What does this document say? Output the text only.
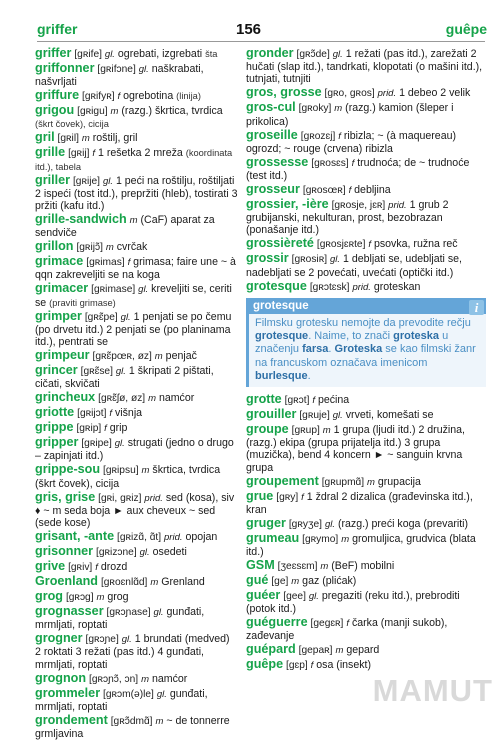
griffer	156	guêpe
griffer [gʀife] gl. ogrebati, izgrebati šta
griffonner [gʀifɔne] gl. naškrabati, našvrljati
griffure [gʀifyʀ] f ogrebotina (linija)
grigou [gʀigu] m (razg.) škrtica, tvrdica (škrt čovek), cicija
gril [gʀil] m roštilj, gril
grille [gʀij] f 1 rešetka 2 mreža (koordinata itd.), tabela
griller [gʀije] gl. 1 peći na roštilju, roštiljati 2 ispeći (tost itd.), prepržiti (hleb), tostirati 3 pržiti (kafu itd.)
grille-sandwich m (CaF) aparat za sendviče
grillon [gʀijɔ̃] m cvrčak
grimace [gʀimas] f grimasa; faire une ~ à qqn zakreveljiti se na koga
grimacer [gʀimase] gl. kreveljiti se, ceriti se (praviti grimase)
grimper [gʀɛ̃pe] gl. 1 penjati se po čemu (po drvetu itd.) 2 penjati se (po planinama itd.), pentrati se
grimpeur [gʀɛ̃pœʀ, øz] m penjač
grincer [gʀɛ̃se] gl. 1 škripati 2 pištati, cičati, skvičati
grincheux [gʀɛ̃ʃø, øz] m namćor
griotte [gʀijɔt] f višnja
grippe [gʀip] f grip
gripper [gʀipe] gl. strugati (jedno o drugo – zapinjati itd.)
grippe-sou [gʀipsu] m škrtica, tvrdica (škrt čovek), cicija
gris, grise [gʀi, gʀiz] prid. sed (kosa), siv ♦ ~ m seda boja ► aux cheveux ~ sed (sede kose)
grisant, -ante [gʀizɑ̃, ɑ̃t] prid. opojan
grisonner [gʀizɔne] gl. osedeti
grive [gʀiv] f drozd
Groenland [gʀoɛnlɑ̃d] m Grenland
grog [gʀɔg] m grog
grognasser [gʀɔɲase] gl. gunđati, mrmljati, roptati
grogner [gʀɔɲe] gl. 1 brundati (medved) 2 roktati 3 režati (pas itd.) 4 gunđati, mrmljati, roptati
grognon [gʀɔɲɔ̃, ɔn] m namćor
grommeler [gʀɔm(ə)le] gl. gunđati, mrmljati, roptati
grondement [gʀɔ̃dmɑ̃] m ~ de tonnerre grmljavina
gronder [gʀɔ̃de] gl. 1 režati (pas itd.), zarežati 2 hučati (slap itd.), tandrkati, klopotati (o mašini itd.), tutnjati, tutnjiti
gros, grosse [gʀo, gʀos] prid. 1 debeo 2 velik
gros-cul [gʀoky] m (razg.) kamion (šleper i prikolica)
groseille [gʀozɛj] f ribizla; ~ (à maquereau) ogrozd; ~ rouge (crvena) ribizla
grossesse [gʀosɛs] f trudnoća; de ~ trudnoće (test itd.)
grosseur [gʀosœʀ] f debljina
grossier, -ière [gʀosje, jɛʀ] prid. 1 grub 2 grubijanski, nekulturan, prost, bezobrazan (ponašanje itd.)
grossièreté [gʀosjɛʀte] f psovka, ružna reč
grossir [gʀosiʀ] gl. 1 debljati se, udebljati se, nadebljati se 2 povećati, uvećati (optički itd.)
grotesque [gʀɔtɛsk] prid. groteskan
grotesque	i
Filmsku grotesku nemojte da prevodite rečju grotesque. Naime, to znači groteska u značenju farsa. Groteska se kao filmski žanr na francuskom označava imenicom burlesque.
grotte [gʀɔt] f pećina
grouiller [gʀuje] gl. vrveti, komešati se
groupe [gʀup] m 1 grupa (ljudi itd.) 2 družina, (razg.) ekipa (grupa prijatelja itd.) 3 grupa (muzička), bend 4 koncern ► ~ sanguin krvna grupa
groupement [gʀupmɑ̃] m grupacija
grue [gʀy] f 1 ždral 2 dizalica (građevinska itd.), kran
gruger [gʀyʒe] gl. (razg.) preći koga (prevariti)
grumeau [gʀymo] m gromuljica, grudvica (blata itd.)
GSM [ʒeɛsɛm] m (BeF) mobilni
gué [ge] m gaz (plićak)
guéer [gee] gl. pregaziti (reku itd.), prebroditi (potok itd.)
guéguerre [gegɛʀ] f čarka (manji sukob), zađevanje
guépard [gepaʀ] m gepard
guêpe [gɛp] f osa (insekt)
MAMUT
